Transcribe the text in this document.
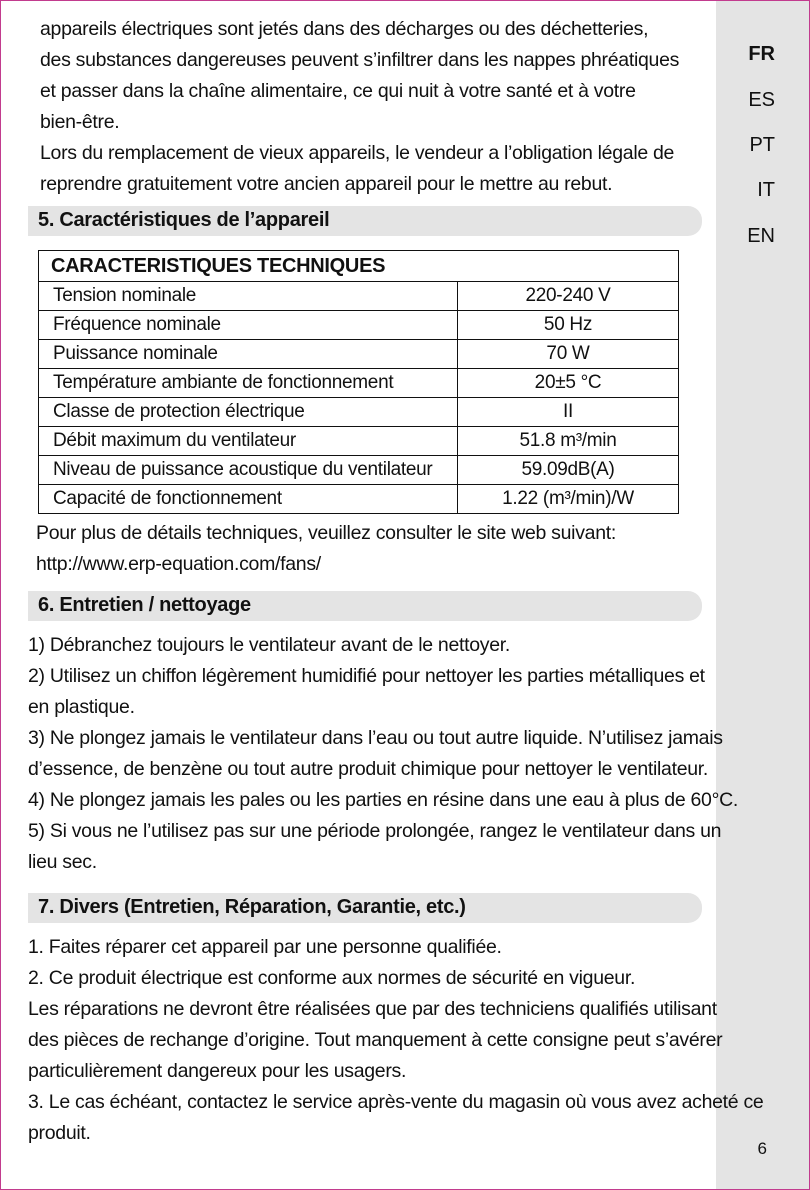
FR
ES
PT
IT
EN
6
appareils électriques sont jetés dans des décharges ou des déchetteries,
des substances dangereuses peuvent s’infiltrer dans les nappes phréatiques
et passer dans la chaîne alimentaire, ce qui nuit à votre santé et à votre
bien-être.
Lors du remplacement de vieux appareils, le vendeur a l’obligation légale de
reprendre gratuitement votre ancien appareil pour le mettre au rebut.
5. Caractéristiques de l’appareil
CARACTERISTIQUES TECHNIQUES	
Tension nominale	220-240 V
Fréquence nominale	50 Hz
Puissance nominale	70 W
Température ambiante de fonctionnement	20±5 °C
Classe de protection électrique	II
Débit maximum du ventilateur	51.8 m³/min
Niveau de puissance acoustique du ventilateur	59.09dB(A)
Capacité de fonctionnement	1.22 (m³/min)/W
Pour plus de détails techniques, veuillez consulter le site web suivant:
http://www.erp-equation.com/fans/
6. Entretien / nettoyage
1) Débranchez toujours le ventilateur avant de le nettoyer.
2) Utilisez un chiffon légèrement humidifié pour nettoyer les parties métalliques et
en plastique.
3) Ne plongez jamais le ventilateur dans l’eau ou tout autre liquide. N’utilisez jamais
d’essence, de benzène ou tout autre produit chimique pour nettoyer le ventilateur.
4) Ne plongez jamais les pales ou les parties en résine dans une eau à plus de 60°C.
5) Si vous ne l’utilisez pas sur une période prolongée, rangez le ventilateur dans un
lieu sec.
7. Divers (Entretien, Réparation, Garantie, etc.)
1. Faites réparer cet appareil par une personne qualifiée.
2. Ce produit électrique est conforme aux normes de sécurité en vigueur.
Les réparations ne devront être réalisées que par des techniciens qualifiés utilisant
des pièces de rechange d’origine. Tout manquement à cette consigne peut s’avérer
particulièrement dangereux pour les usagers.
3. Le cas échéant, contactez le service après-vente du magasin où vous avez acheté ce
produit.
